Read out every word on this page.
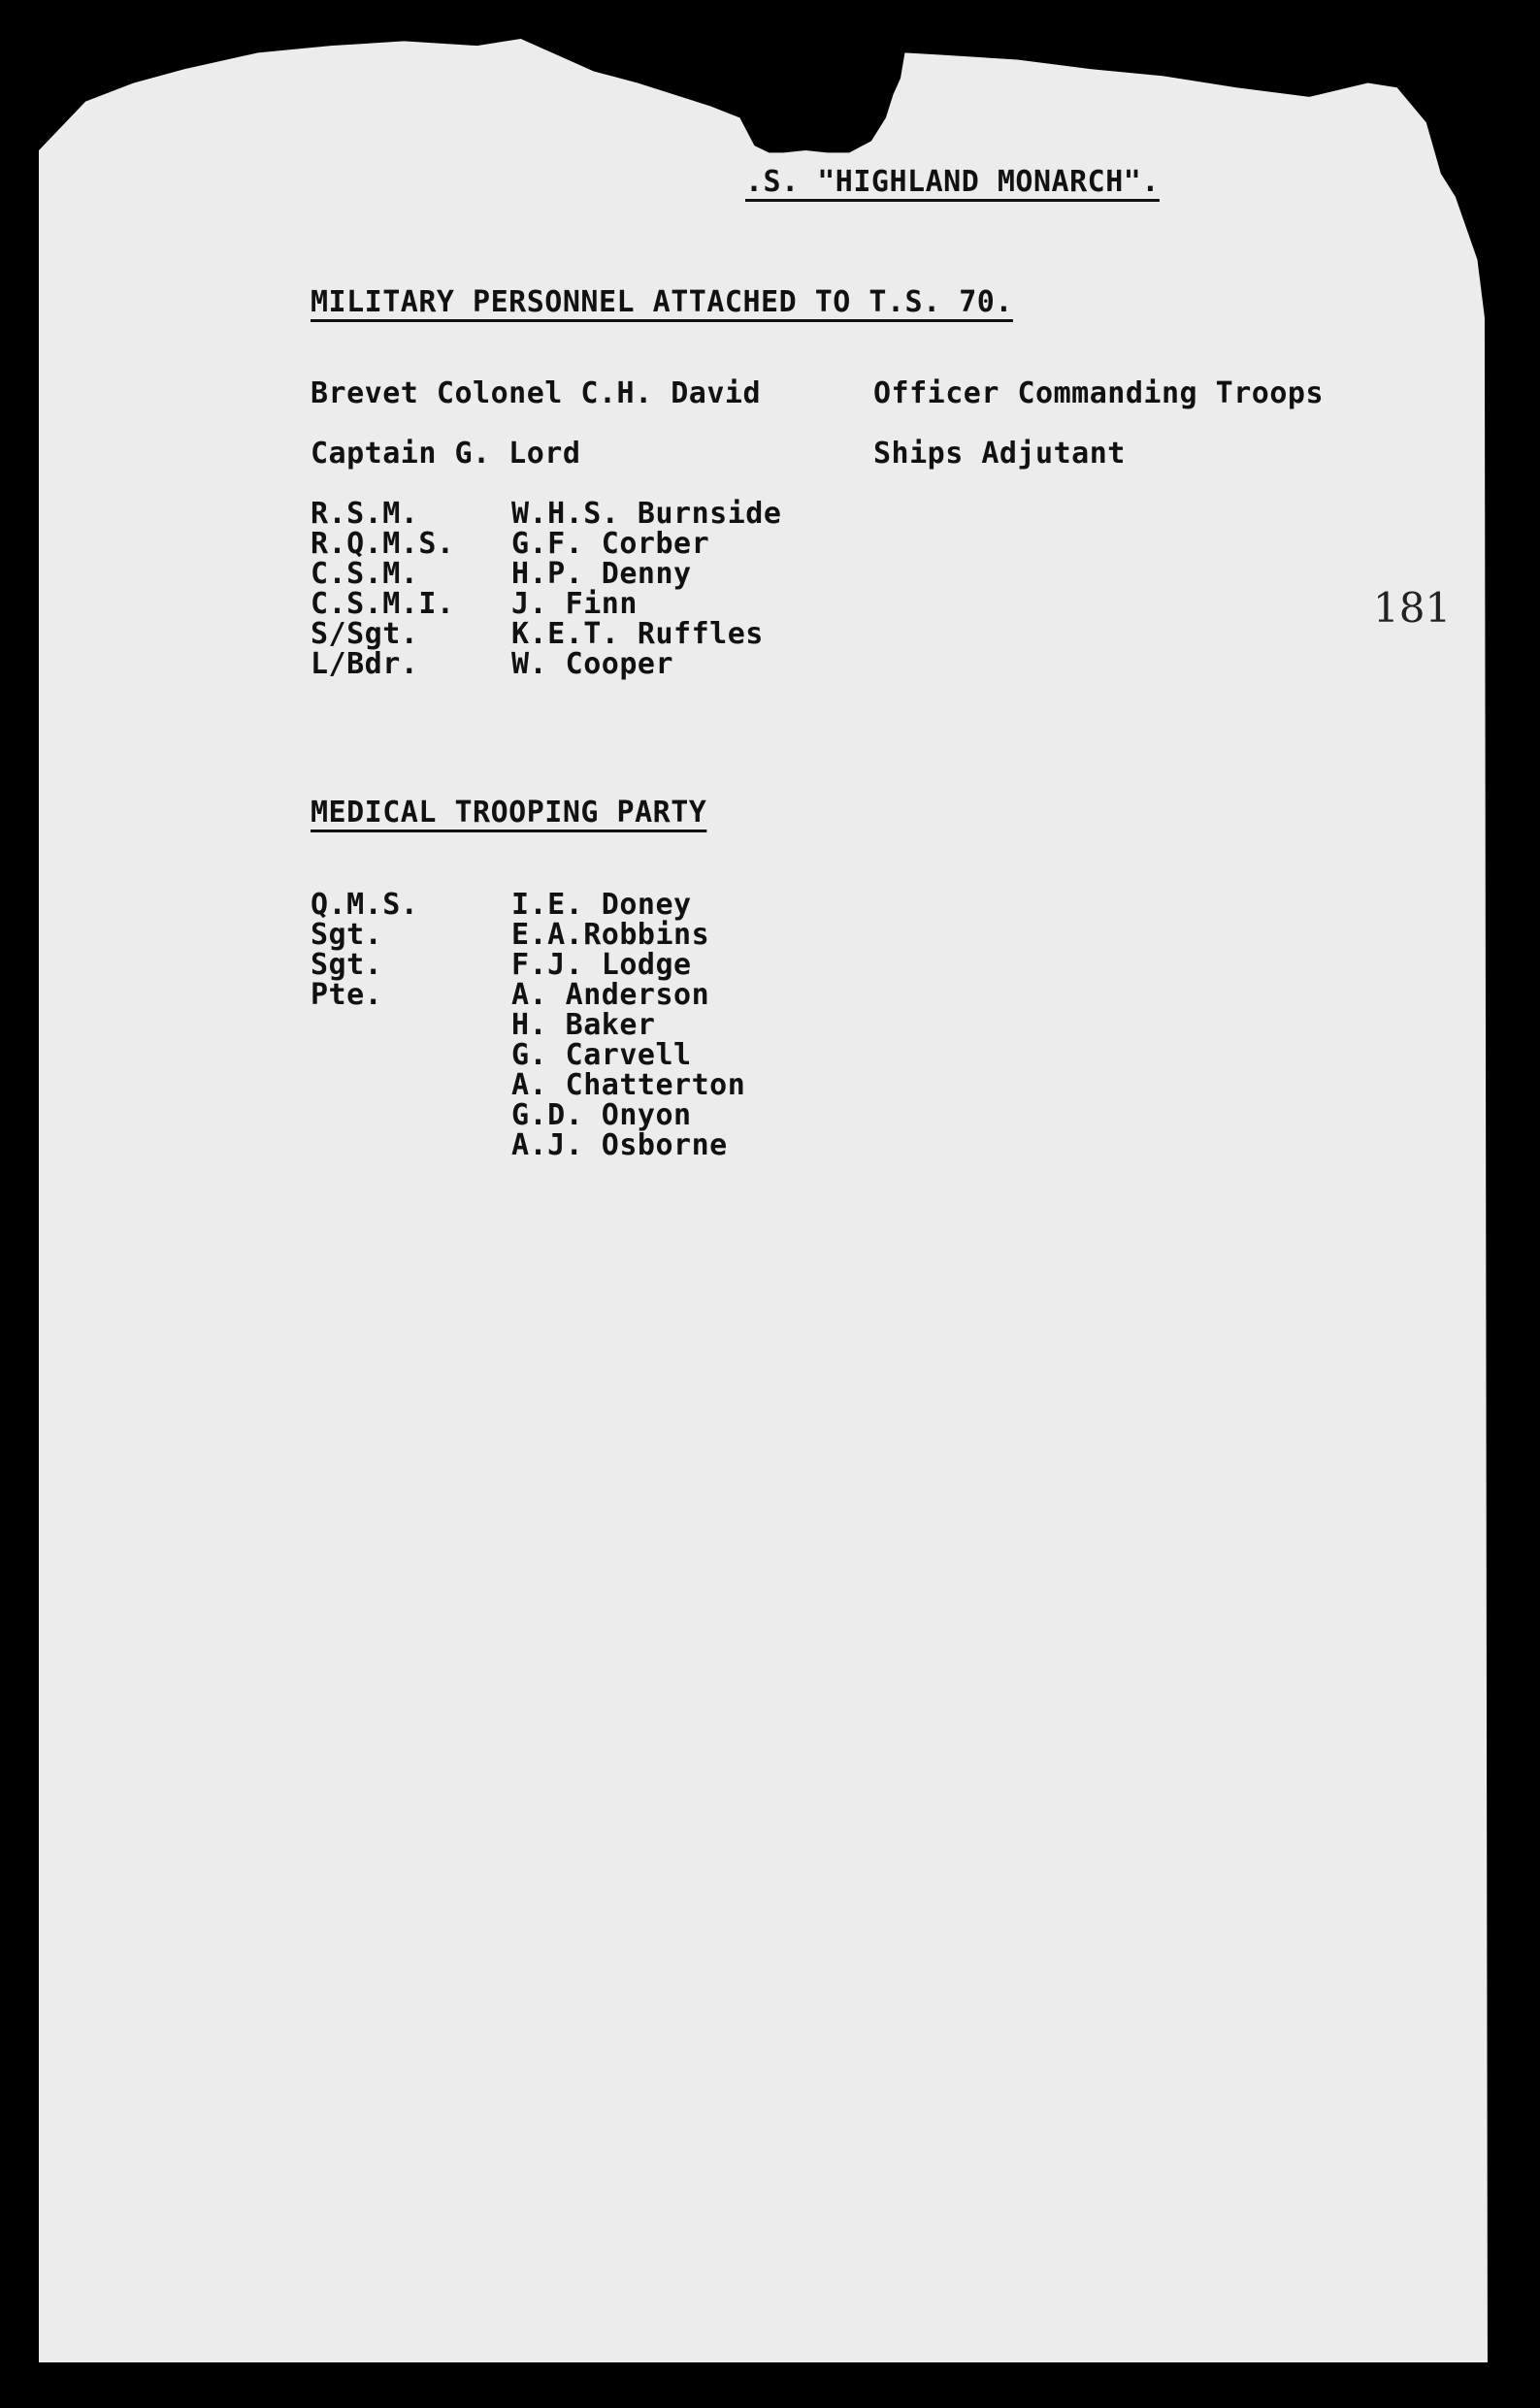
.S. "HIGHLAND MONARCH".
181
MILITARY PERSONNEL ATTACHED TO T.S. 70.
Brevet Colonel C.H. David	Officer Commanding Troops
Captain G. Lord	Ships Adjutant
R.S.M.	W.H.S. Burnside
R.Q.M.S. G.F. Corber
C.S.M.	H.P. Denny
C.S.M.I. J. Finn
S/Sgt.	K.E.T. Ruffles
L/Bdr.	W. Cooper
MEDICAL TROOPING PARTY
Q.M.S.	I.E. Doney
Sgt.	E.A.Robbins
Sgt.	F.J. Lodge
Pte.	A. Anderson
H. Baker
G. Carvell
A. Chatterton
G.D. Onyon
A.J. Osborne
